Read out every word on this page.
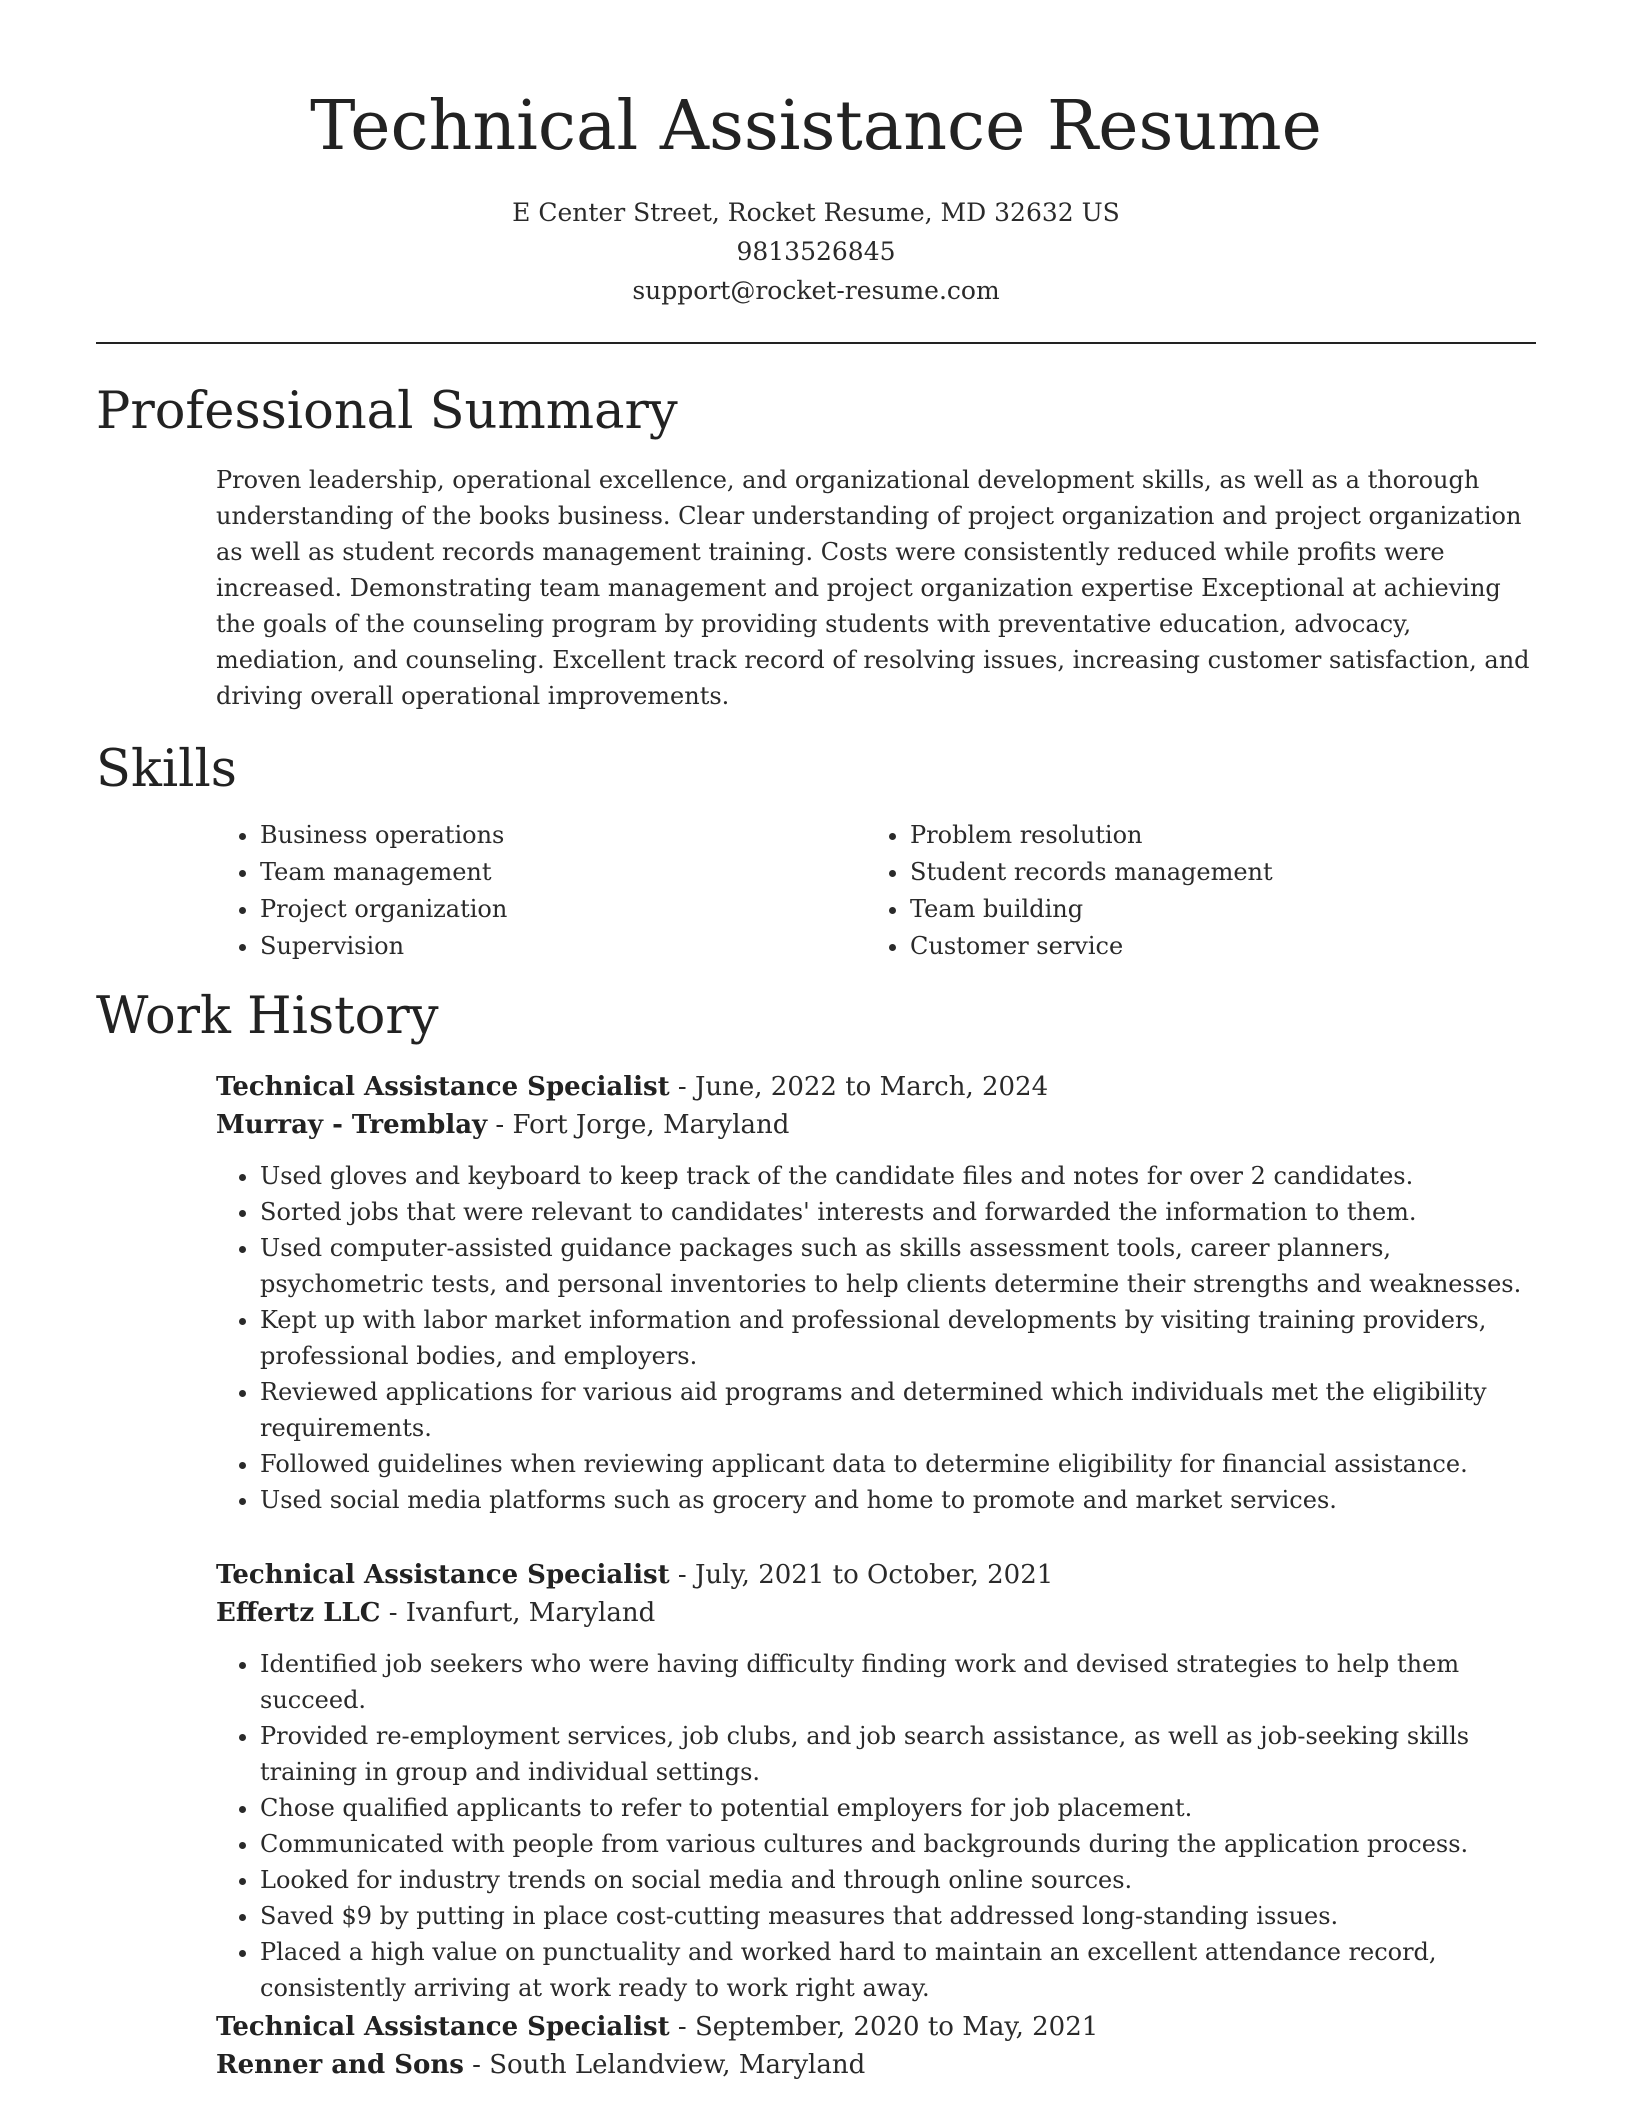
Technical Assistance Resume
E Center Street, Rocket Resume, MD 32632 US
9813526845
support@rocket-resume.com
Professional Summary

Proven leadership, operational excellence, and organizational development skills, as well as a thorough understanding of the books business. Clear understanding of project organization and project organization as well as student records management training. Costs were consistently reduced while profits were increased. Demonstrating team management and project organization expertise Exceptional at achieving the goals of the counseling program by providing students with preventative education, advocacy, mediation, and counseling. Excellent track record of resolving issues, increasing customer satisfaction, and driving overall operational improvements.

Skills
• Business operations
• Team management
• Project organization
• Supervision
• Problem resolution
• Student records management
• Team building
• Customer service
Work History
Technical Assistance Specialist - June, 2022 to March, 2024
Murray - Tremblay - Fort Jorge, Maryland
• Used gloves and keyboard to keep track of the candidate files and notes for over 2 candidates.
• Sorted jobs that were relevant to candidates' interests and forwarded the information to them.
• Used computer-assisted guidance packages such as skills assessment tools, career planners, psychometric tests, and personal inventories to help clients determine their strengths and weaknesses.
• Kept up with labor market information and professional developments by visiting training providers, professional bodies, and employers.
• Reviewed applications for various aid programs and determined which individuals met the eligibility requirements.
• Followed guidelines when reviewing applicant data to determine eligibility for financial assistance.
• Used social media platforms such as grocery and home to promote and market services.
Technical Assistance Specialist - July, 2021 to October, 2021
Effertz LLC - Ivanfurt, Maryland
• Identified job seekers who were having difficulty finding work and devised strategies to help them succeed.
• Provided re-employment services, job clubs, and job search assistance, as well as job-seeking skills training in group and individual settings.
• Chose qualified applicants to refer to potential employers for job placement.
• Communicated with people from various cultures and backgrounds during the application process.
• Looked for industry trends on social media and through online sources.
• Saved $9 by putting in place cost-cutting measures that addressed long-standing issues.
• Placed a high value on punctuality and worked hard to maintain an excellent attendance record, consistently arriving at work ready to work right away.
Technical Assistance Specialist - September, 2020 to May, 2021
Renner and Sons - South Lelandview, Maryland
